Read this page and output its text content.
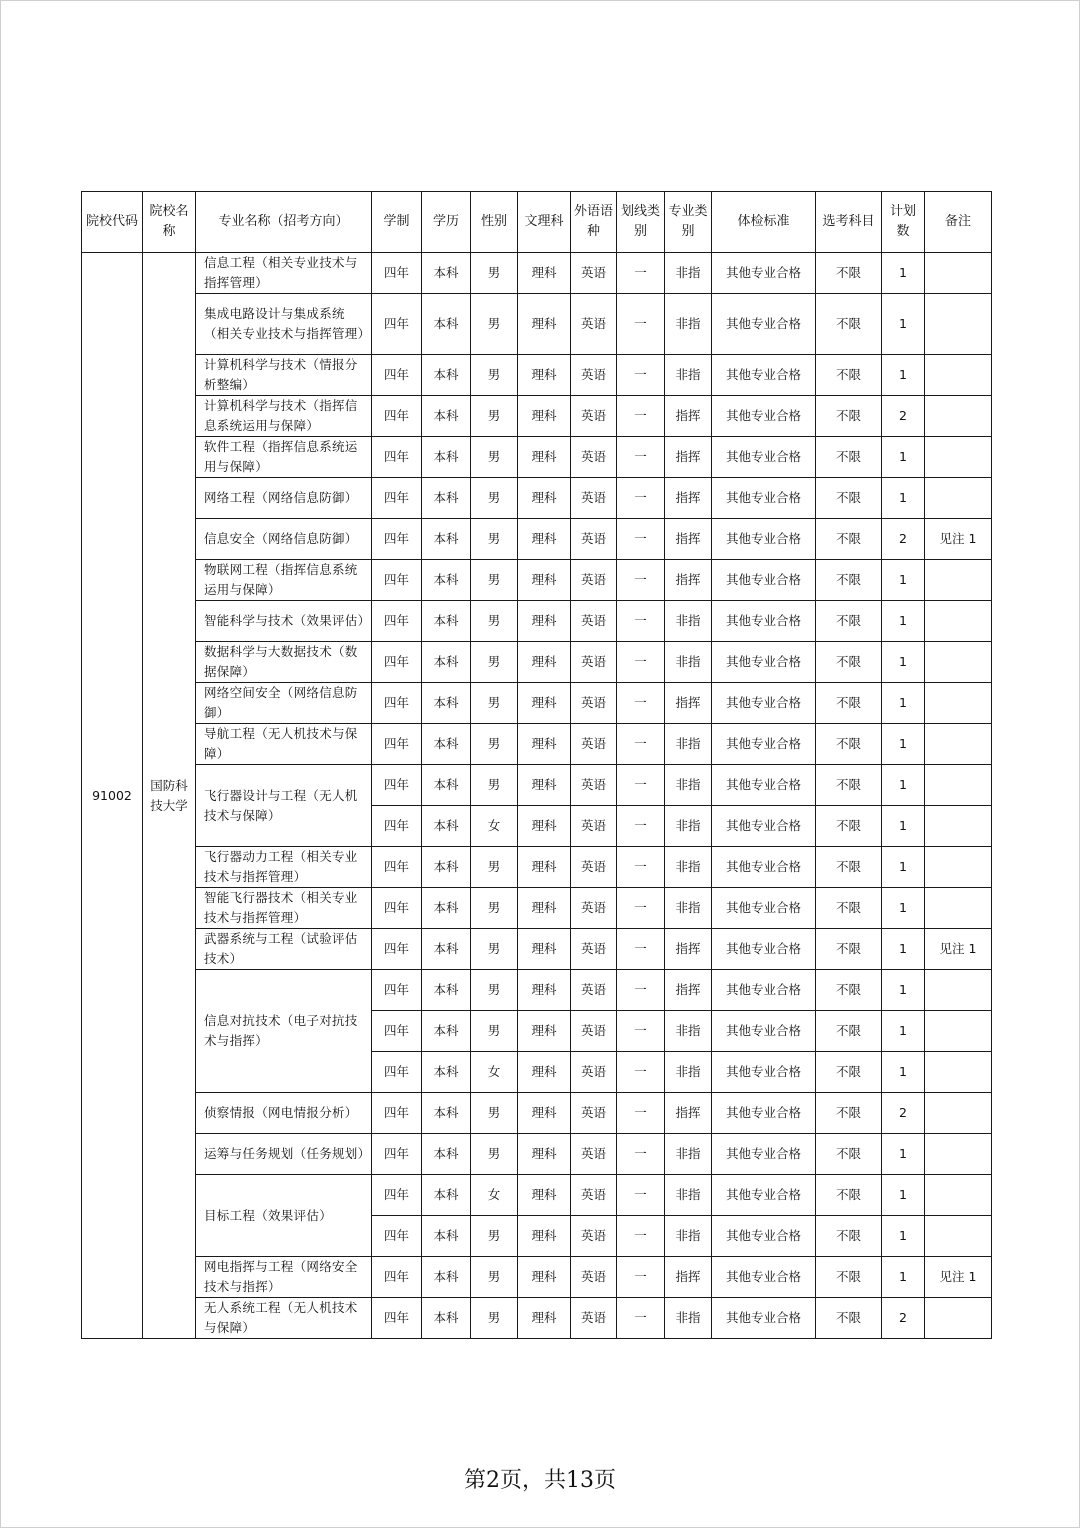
院校代码	院校名称	专业名称（招考方向）	学制	学历	性别	文理科	外语语种	划线类别	专业类别	体检标准	选考科目	计划数	备注
91002	国防科技大学	信息工程（相关专业技术与指挥管理）	四年	本科	男	理科	英语	一	非指	其他专业合格	不限	1	
		集成电路设计与集成系统（相关专业技术与指挥管理）	四年	本科	男	理科	英语	一	非指	其他专业合格	不限	1	
		计算机科学与技术（情报分析整编）	四年	本科	男	理科	英语	一	非指	其他专业合格	不限	1	
		计算机科学与技术（指挥信息系统运用与保障）	四年	本科	男	理科	英语	一	指挥	其他专业合格	不限	2	
		软件工程（指挥信息系统运用与保障）	四年	本科	男	理科	英语	一	指挥	其他专业合格	不限	1	
		网络工程（网络信息防御）	四年	本科	男	理科	英语	一	指挥	其他专业合格	不限	1	
		信息安全（网络信息防御）	四年	本科	男	理科	英语	一	指挥	其他专业合格	不限	2	见注 1
		物联网工程（指挥信息系统运用与保障）	四年	本科	男	理科	英语	一	指挥	其他专业合格	不限	1	
		智能科学与技术（效果评估）	四年	本科	男	理科	英语	一	非指	其他专业合格	不限	1	
		数据科学与大数据技术（数据保障）	四年	本科	男	理科	英语	一	非指	其他专业合格	不限	1	
		网络空间安全（网络信息防御）	四年	本科	男	理科	英语	一	指挥	其他专业合格	不限	1	
		导航工程（无人机技术与保障）	四年	本科	男	理科	英语	一	非指	其他专业合格	不限	1	
		飞行器设计与工程（无人机技术与保障）	四年	本科	男	理科	英语	一	非指	其他专业合格	不限	1	
			四年	本科	女	理科	英语	一	非指	其他专业合格	不限	1	
		飞行器动力工程（相关专业技术与指挥管理）	四年	本科	男	理科	英语	一	非指	其他专业合格	不限	1	
		智能飞行器技术（相关专业技术与指挥管理）	四年	本科	男	理科	英语	一	非指	其他专业合格	不限	1	
		武器系统与工程（试验评估技术）	四年	本科	男	理科	英语	一	指挥	其他专业合格	不限	1	见注 1
		信息对抗技术（电子对抗技术与指挥）	四年	本科	男	理科	英语	一	指挥	其他专业合格	不限	1	
			四年	本科	男	理科	英语	一	非指	其他专业合格	不限	1	
			四年	本科	女	理科	英语	一	非指	其他专业合格	不限	1	
		侦察情报（网电情报分析）	四年	本科	男	理科	英语	一	指挥	其他专业合格	不限	2	
		运筹与任务规划（任务规划）	四年	本科	男	理科	英语	一	非指	其他专业合格	不限	1	
		目标工程（效果评估）	四年	本科	女	理科	英语	一	非指	其他专业合格	不限	1	
			四年	本科	男	理科	英语	一	非指	其他专业合格	不限	1	
		网电指挥与工程（网络安全技术与指挥）	四年	本科	男	理科	英语	一	指挥	其他专业合格	不限	1	见注 1
		无人系统工程（无人机技术与保障）	四年	本科	男	理科	英语	一	非指	其他专业合格	不限	2	
第2页，共13页
